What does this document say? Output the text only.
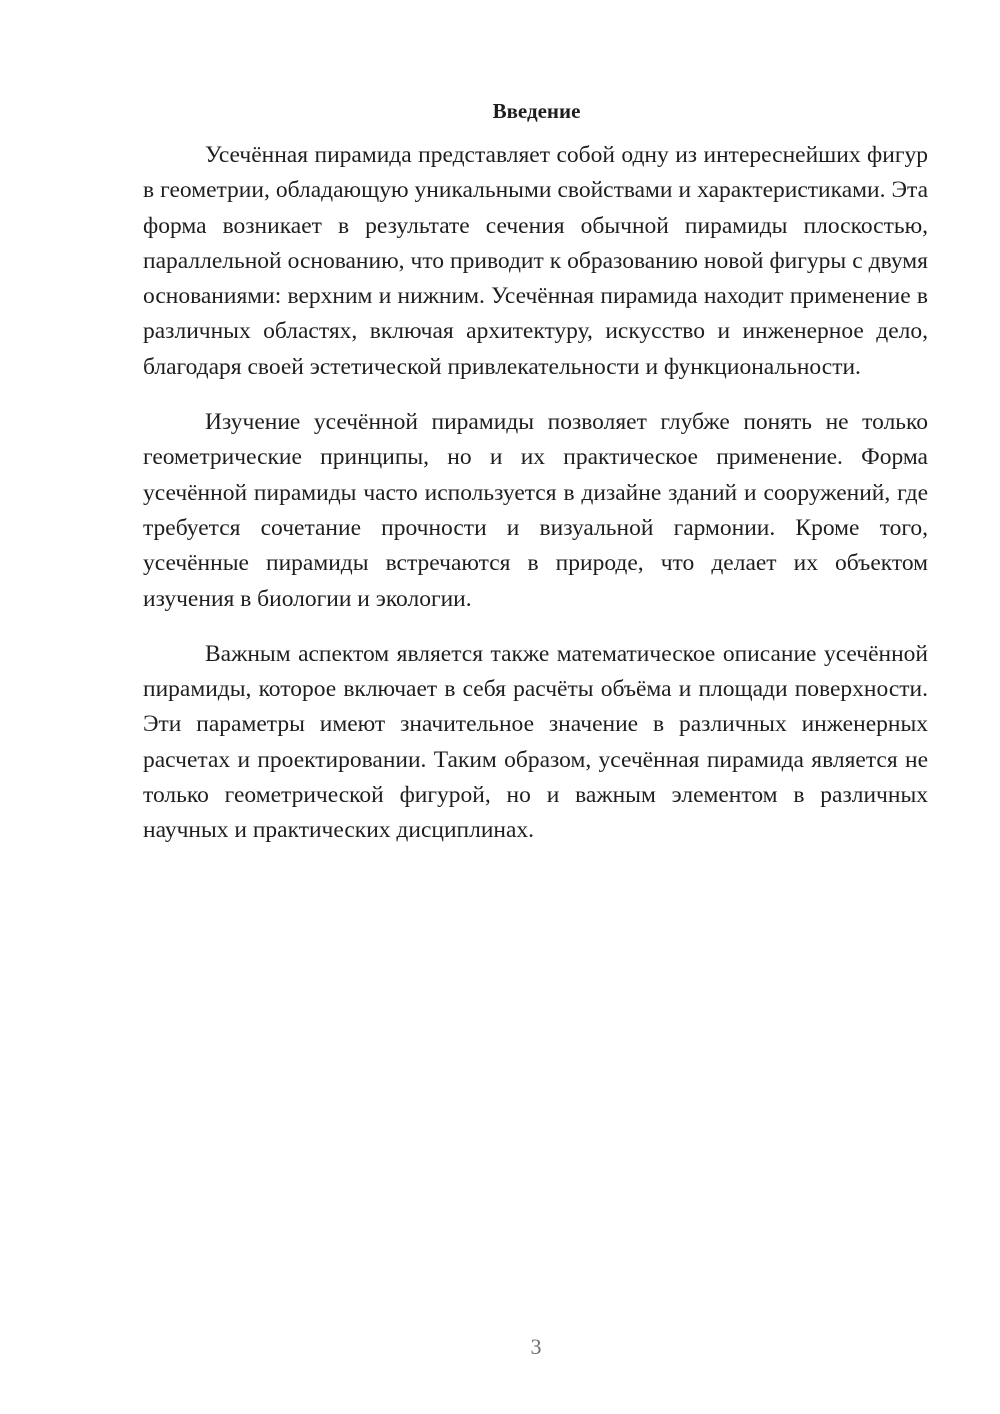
Введение

Усечённая пирамида представляет собой одну из интереснейших фигур в геометрии, обладающую уникальными свойствами и характеристиками. Эта форма возникает в результате сечения обычной пирамиды плоскостью, параллельной основанию, что приводит к образованию новой фигуры с двумя основаниями: верхним и нижним. Усечённая пирамида находит применение в различных областях, включая архитектуру, искусство и инженерное дело, благодаря своей эстетической привлекательности и функциональности.

Изучение усечённой пирамиды позволяет глубже понять не только геометрические принципы, но и их практическое применение. Форма усечённой пирамиды часто используется в дизайне зданий и сооружений, где требуется сочетание прочности и визуальной гармонии. Кроме того, усечённые пирамиды встречаются в природе, что делает их объектом изучения в биологии и экологии.

Важным аспектом является также математическое описание усечённой пирамиды, которое включает в себя расчёты объёма и площади поверхности. Эти параметры имеют значительное значение в различных инженерных расчетах и проектировании. Таким образом, усечённая пирамида является не только геометрической фигурой, но и важным элементом в различных научных и практических дисциплинах.

3
